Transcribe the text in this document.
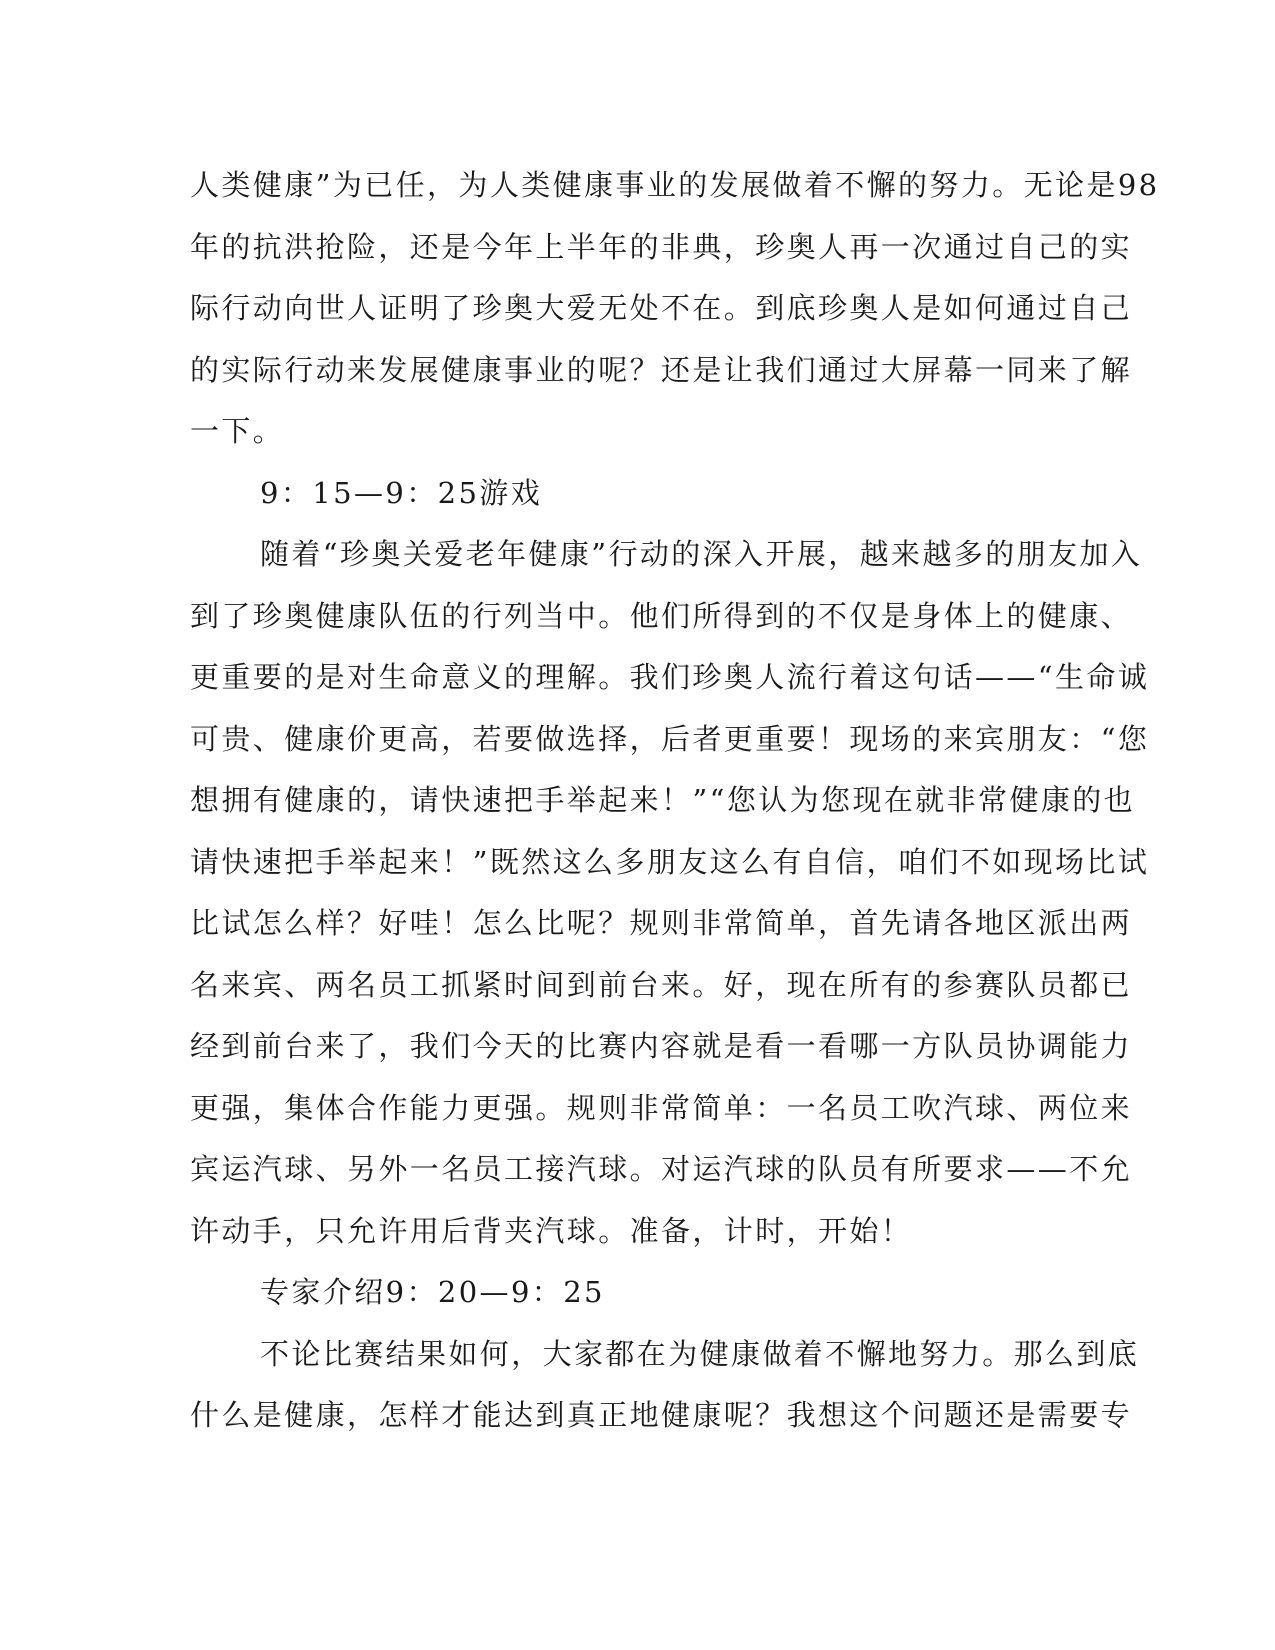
人类健康”为已任，为人类健康事业的发展做着不懈的努力。无论是98
年的抗洪抢险，还是今年上半年的非典，珍奥人再一次通过自己的实
际行动向世人证明了珍奥大爱无处不在。到底珍奥人是如何通过自己
的实际行动来发展健康事业的呢？还是让我们通过大屏幕一同来了解
一下。
9：15—9：25游戏
随着“珍奥关爱老年健康”行动的深入开展，越来越多的朋友加入
到了珍奥健康队伍的行列当中。他们所得到的不仅是身体上的健康、
更重要的是对生命意义的理解。我们珍奥人流行着这句话——“生命诚
可贵、健康价更高，若要做选择，后者更重要！现场的来宾朋友：“您
想拥有健康的，请快速把手举起来！”“您认为您现在就非常健康的也
请快速把手举起来！”既然这么多朋友这么有自信，咱们不如现场比试
比试怎么样？好哇！怎么比呢？规则非常简单，首先请各地区派出两
名来宾、两名员工抓紧时间到前台来。好，现在所有的参赛队员都已
经到前台来了，我们今天的比赛内容就是看一看哪一方队员协调能力
更强，集体合作能力更强。规则非常简单：一名员工吹汽球、两位来
宾运汽球、另外一名员工接汽球。对运汽球的队员有所要求——不允
许动手，只允许用后背夹汽球。准备，计时，开始！
专家介绍9：20—9：25
不论比赛结果如何，大家都在为健康做着不懈地努力。那么到底
什么是健康，怎样才能达到真正地健康呢？我想这个问题还是需要专
